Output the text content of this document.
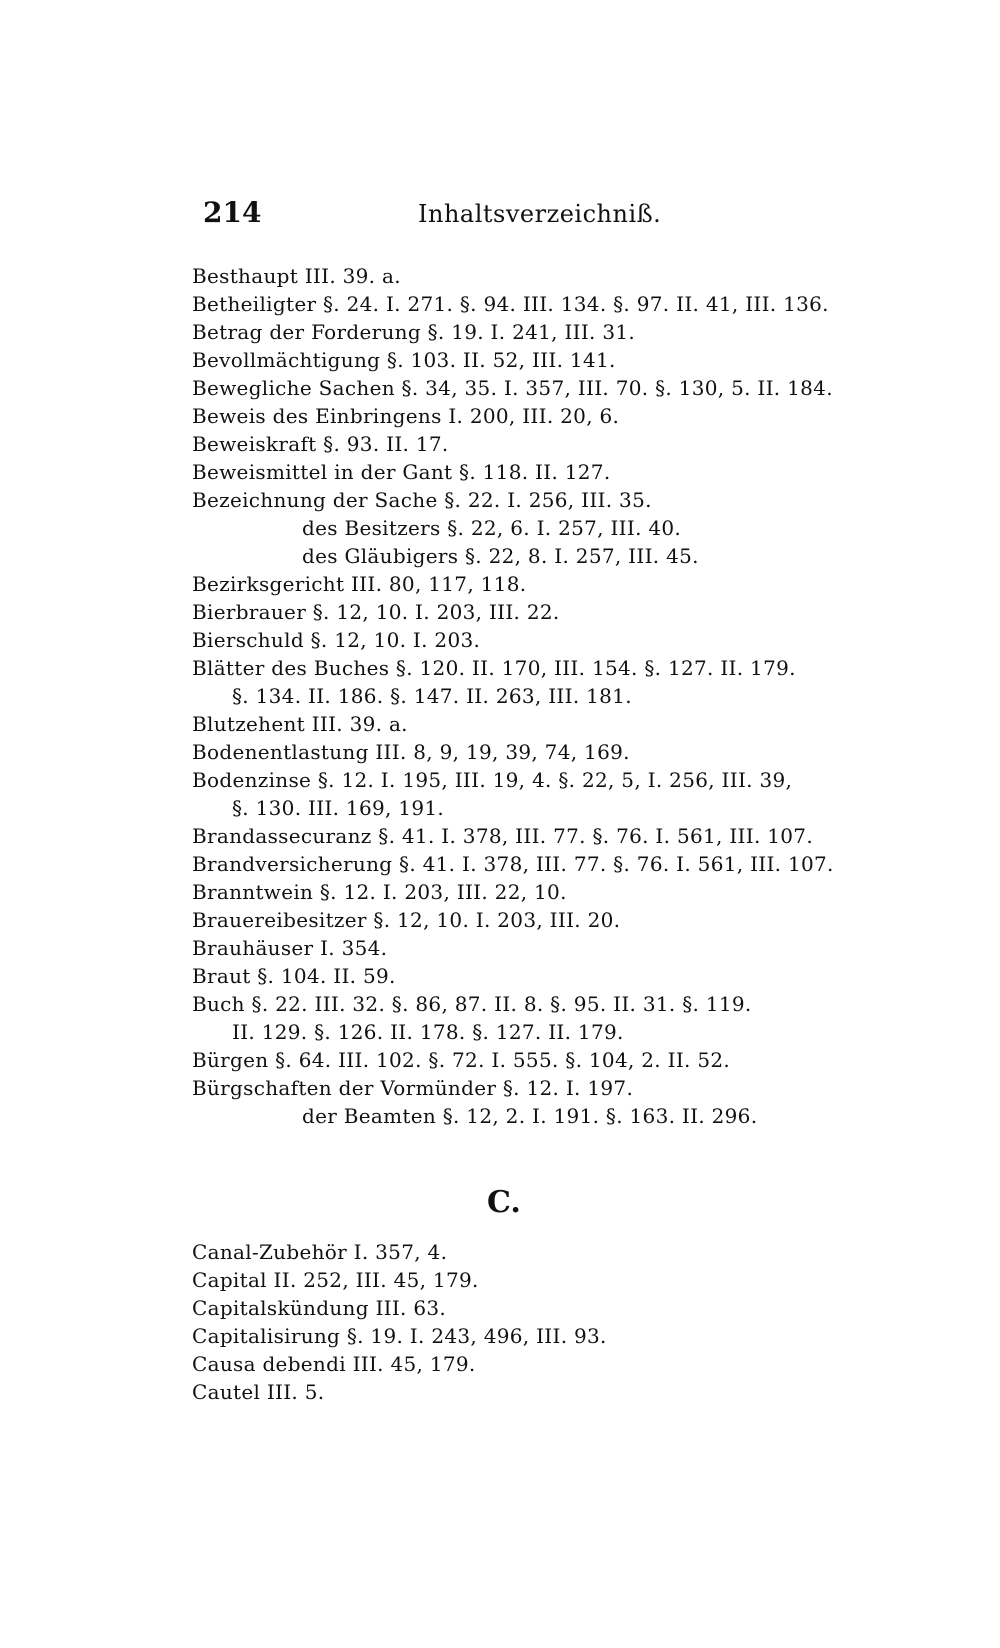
214	Inhaltsverzeichniß.
Besthaupt III. 39. a.
Betheiligter §. 24. I. 271. §. 94. III. 134. §. 97. II. 41, III. 136.
Betrag der Forderung §. 19. I. 241, III. 31.
Bevollmächtigung §. 103. II. 52, III. 141.
Bewegliche Sachen §. 34, 35. I. 357, III. 70. §. 130, 5. II. 184.
Beweis des Einbringens I. 200, III. 20, 6.
Beweiskraft §. 93. II. 17.
Beweismittel in der Gant §. 118. II. 127.
Bezeichnung der Sache §. 22. I. 256, III. 35.
des Besitzers §. 22, 6. I. 257, III. 40.
des Gläubigers §. 22, 8. I. 257, III. 45.
Bezirksgericht III. 80, 117, 118.
Bierbrauer §. 12, 10. I. 203, III. 22.
Bierschuld §. 12, 10. I. 203.
Blätter des Buches §. 120. II. 170, III. 154. §. 127. II. 179.
§. 134. II. 186. §. 147. II. 263, III. 181.
Blutzehent III. 39. a.
Bodenentlastung III. 8, 9, 19, 39, 74, 169.
Bodenzinse §. 12. I. 195, III. 19, 4. §. 22, 5, I. 256, III. 39,
§. 130. III. 169, 191.
Brandassecuranz §. 41. I. 378, III. 77. §. 76. I. 561, III. 107.
Brandversicherung §. 41. I. 378, III. 77. §. 76. I. 561, III. 107.
Branntwein §. 12. I. 203, III. 22, 10.
Brauereibesitzer §. 12, 10. I. 203, III. 20.
Brauhäuser I. 354.
Braut §. 104. II. 59.
Buch §. 22. III. 32. §. 86, 87. II. 8. §. 95. II. 31. §. 119.
II. 129. §. 126. II. 178. §. 127. II. 179.
Bürgen §. 64. III. 102. §. 72. I. 555. §. 104, 2. II. 52.
Bürgschaften der Vormünder §. 12. I. 197.
der Beamten §. 12, 2. I. 191. §. 163. II. 296.
C.
Canal-Zubehör I. 357, 4.
Capital II. 252, III. 45, 179.
Capitalskündung III. 63.
Capitalisirung §. 19. I. 243, 496, III. 93.
Causa debendi III. 45, 179.
Cautel III. 5.
